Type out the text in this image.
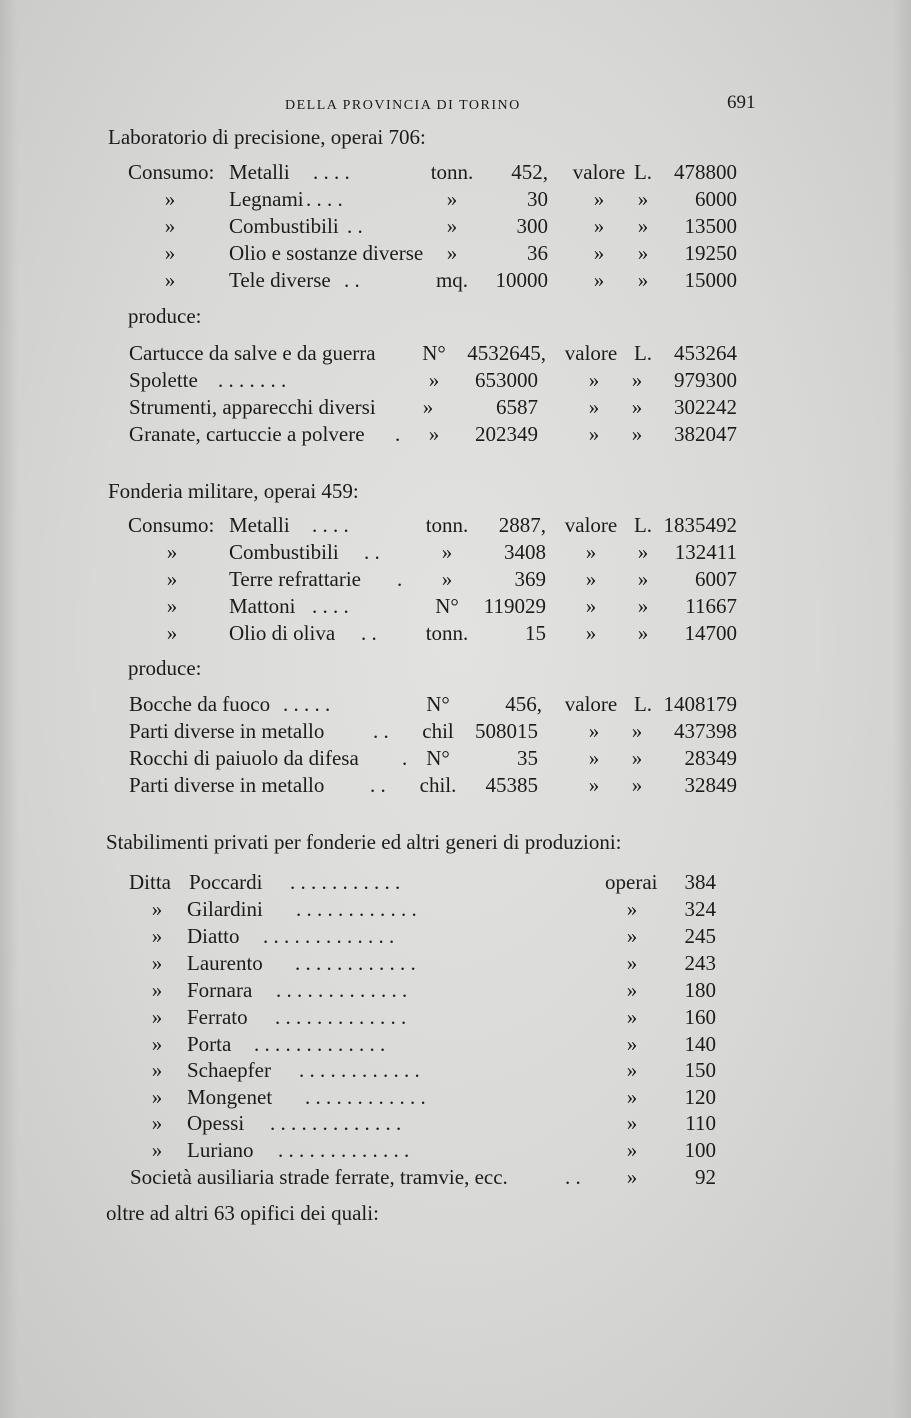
DELLA PROVINCIA DI TORINO	691
Laboratorio di precisione, operai 706:
Consumo: Metalli . . . .	tonn.	452,	valore L.	478800
»	Legnami . . . .	»	30	»	»	6000
»	Combustibili . .	»	300	»	»	13500
»	Olio e sostanze diverse	»	36	»	»	19250
»	Tele diverse . .	mq.	10000	»	»	15000
produce:
Cartucce da salve e da guerra N°	4532645, valore L.	453264
Spolette . . . . . . .	»	653000	»	»	979300
Strumenti, apparecchi diversi	»	6587	»	»	302242
Granate, cartuccie a polvere .	»	202349	»	»	382047
Fonderia militare, operai 459:
Consumo: Metalli . . . .	tonn.	2887, valore L. 1835492
» Combustibili . .	»	3408	»	»	132411
» Terre refrattarie .	»	369	»	»	6007
» Mattoni . . . .	N°	119029	»	»	11667
» Olio di oliva . .	tonn.	15	»	»	14700
produce:
Bocche da fuoco . . . . .	N°	456,	valore L. 1408179
Parti diverse in metallo . . chil	508015	»	»	437398
Rocchi di paiuolo da difesa . N°	35	»	»	28349
Parti diverse in metallo . . chil.	45385	»	»	32849
Stabilimenti privati per fonderie ed altri generi di produzioni:
Ditta Poccardi . . . . . . . . . . .	operai	384
» Gilardini . . . . . . . . . . . .	»	324
» Diatto . . . . . . . . . . . . .	»	245
» Laurento . . . . . . . . . . . .	»	243
» Fornara . . . . . . . . . . . . .	»	180
» Ferrato . . . . . . . . . . . . .	»	160
» Porta . . . . . . . . . . . . .	»	140
» Schaepfer . . . . . . . . . . . .	»	150
» Mongenet . . . . . . . . . . . .	»	120
» Opessi . . . . . . . . . . . . .	»	110
» Luriano . . . . . . . . . . . . .	»	100
Società ausiliaria strade ferrate, tramvie, ecc.	. . »	92
oltre ad altri 63 opifici dei quali:
